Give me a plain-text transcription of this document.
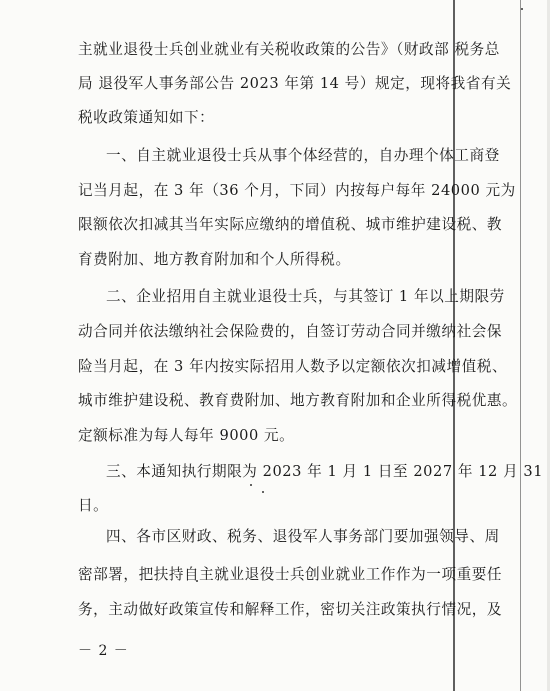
主就业退役士兵创业就业有关税收政策的公告》（财政部 税务总
局 退役军人事务部公告 2023 年第 14 号）规定，现将我省有关
税收政策通知如下：
一、自主就业退役士兵从事个体经营的，自办理个体工商登
记当月起，在 3 年（36 个月，下同）内按每户每年 24000 元为
限额依次扣减其当年实际应缴纳的增值税、城市维护建设税、教
育费附加、地方教育附加和个人所得税。
二、企业招用自主就业退役士兵，与其签订 1 年以上期限劳
动合同并依法缴纳社会保险费的，自签订劳动合同并缴纳社会保
险当月起，在 3 年内按实际招用人数予以定额依次扣减增值税、
城市维护建设税、教育费附加、地方教育附加和企业所得税优惠。
定额标准为每人每年 9000 元。
三、本通知执行期限为 2023 年 1 月 1 日至 2027 年 12 月 31
日。
四、各市区财政、税务、退役军人事务部门要加强领导、周
密部署，把扶持自主就业退役士兵创业就业工作作为一项重要任
务，主动做好政策宣传和解释工作，密切关注政策执行情况，及
－ 2 －
